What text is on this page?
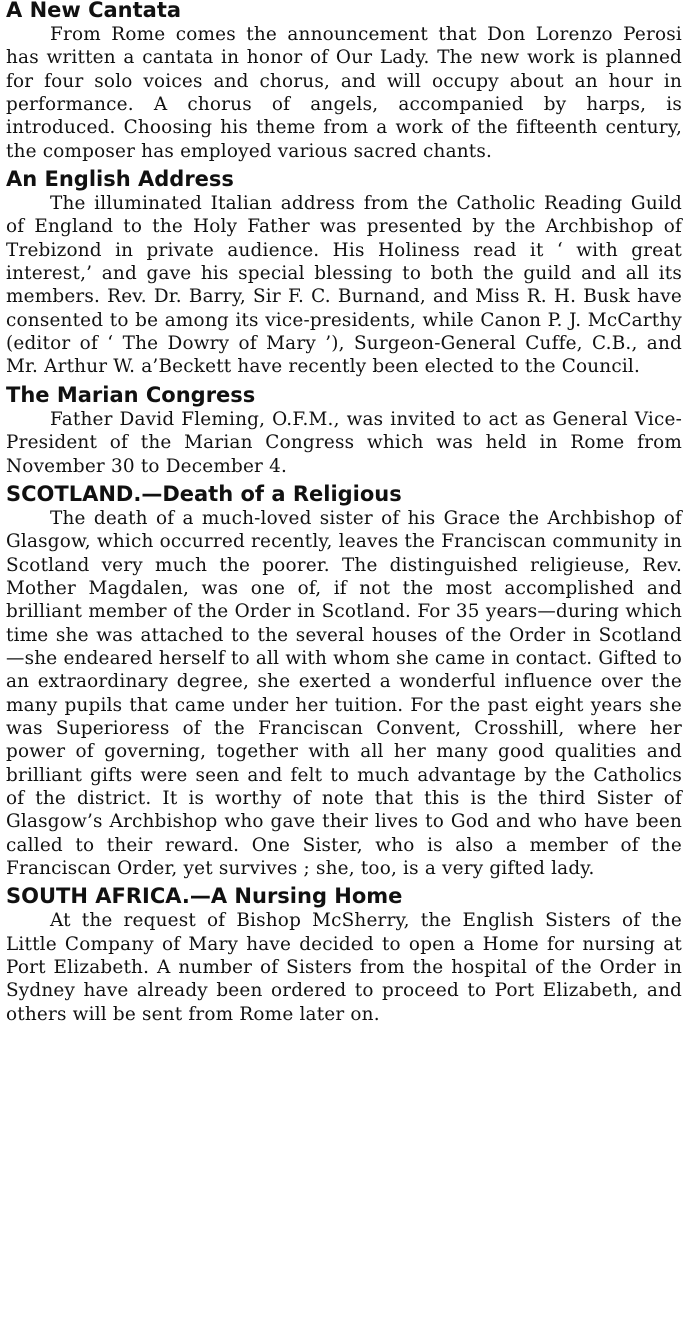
A New Cantata

From Rome comes the announcement that Don Lorenzo Perosi has written a cantata in honor of Our Lady. The new work is planned for four solo voices and chorus, and will occupy about an hour in performance. A chorus of angels, accompanied by harps, is introduced. Choosing his theme from a work of the fifteenth century, the composer has employed various sacred chants.

An English Address

The illuminated Italian address from the Catholic Reading Guild of England to the Holy Father was presented by the Archbishop of Trebizond in private audience. His Holiness read it ‘ with great interest,’ and gave his special blessing to both the guild and all its members. Rev. Dr. Barry, Sir F. C. Burnand, and Miss R. H. Busk have consented to be among its vice-presidents, while Canon P. J. McCarthy (editor of ‘ The Dowry of Mary ’), Surgeon-General Cuffe, C.B., and Mr. Arthur W. a’Beckett have recently been elected to the Council.

The Marian Congress

Father David Fleming, O.F.M., was invited to act as General Vice-President of the Marian Congress which was held in Rome from November 30 to December 4.

SCOTLAND.—Death of a Religious

The death of a much-loved sister of his Grace the Archbishop of Glasgow, which occurred recently, leaves the Franciscan community in Scotland very much the poorer. The distinguished religieuse, Rev. Mother Magdalen, was one of, if not the most accomplished and brilliant member of the Order in Scotland. For 35 years—during which time she was attached to the several houses of the Order in Scotland—she endeared herself to all with whom she came in contact. Gifted to an extraordinary degree, she exerted a wonderful influence over the many pupils that came under her tuition. For the past eight years she was Superioress of the Franciscan Convent, Crosshill, where her power of governing, together with all her many good qualities and brilliant gifts were seen and felt to much advantage by the Catholics of the district. It is worthy of note that this is the third Sister of Glasgow’s Archbishop who gave their lives to God and who have been called to their reward. One Sister, who is also a member of the Franciscan Order, yet survives ; she, too, is a very gifted lady.

SOUTH AFRICA.—A Nursing Home

At the request of Bishop McSherry, the English Sisters of the Little Company of Mary have decided to open a Home for nursing at Port Elizabeth. A number of Sisters from the hospital of the Order in Sydney have already been ordered to proceed to Port Elizabeth, and others will be sent from Rome later on.
